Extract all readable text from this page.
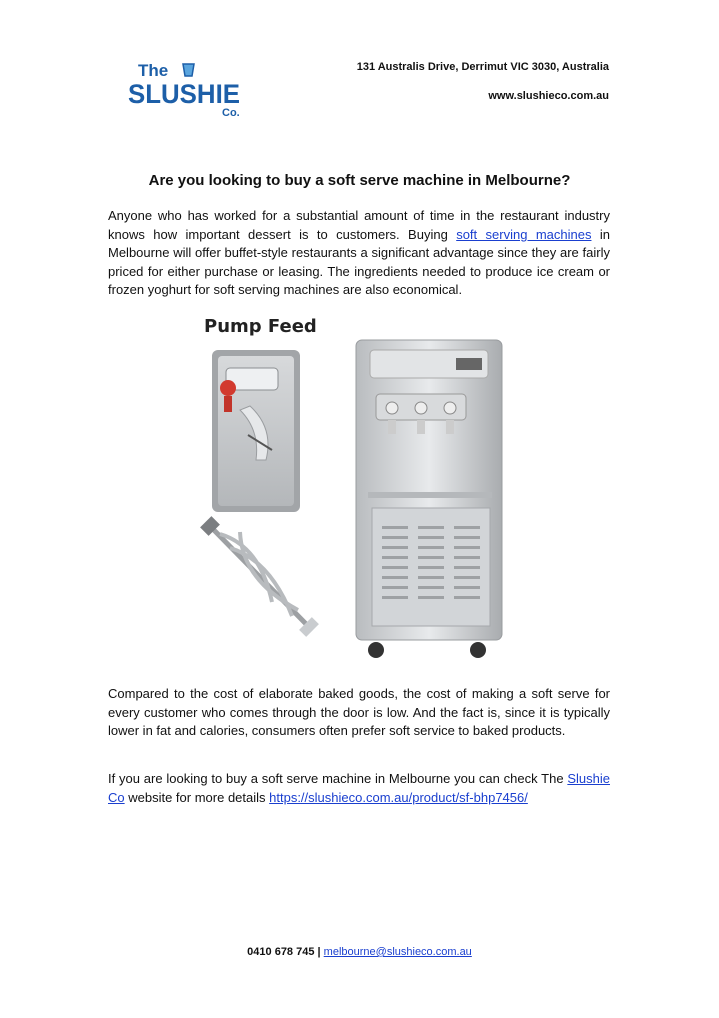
The
SLUSHIE
Co.
131 Australis Drive, Derrimut VIC 3030, Australia
www.slushieco.com.au
Are you looking to buy a soft serve machine in Melbourne?
Anyone who has worked for a substantial amount of time in the restaurant industry knows how important dessert is to customers. Buying soft serving machines in Melbourne will offer buffet-style restaurants a significant advantage since they are fairly priced for either purchase or leasing. The ingredients needed to produce ice cream or frozen yoghurt for soft serving machines are also economical.
Pump Feed
Compared to the cost of elaborate baked goods, the cost of making a soft serve for every customer who comes through the door is low. And the fact is, since it is typically lower in fat and calories, consumers often prefer soft service to baked products.
If you are looking to buy a soft serve machine in Melbourne you can check The Slushie Co website for more details https://slushieco.com.au/product/sf-bhp7456/
0410 678 745 | melbourne@slushieco.com.au
